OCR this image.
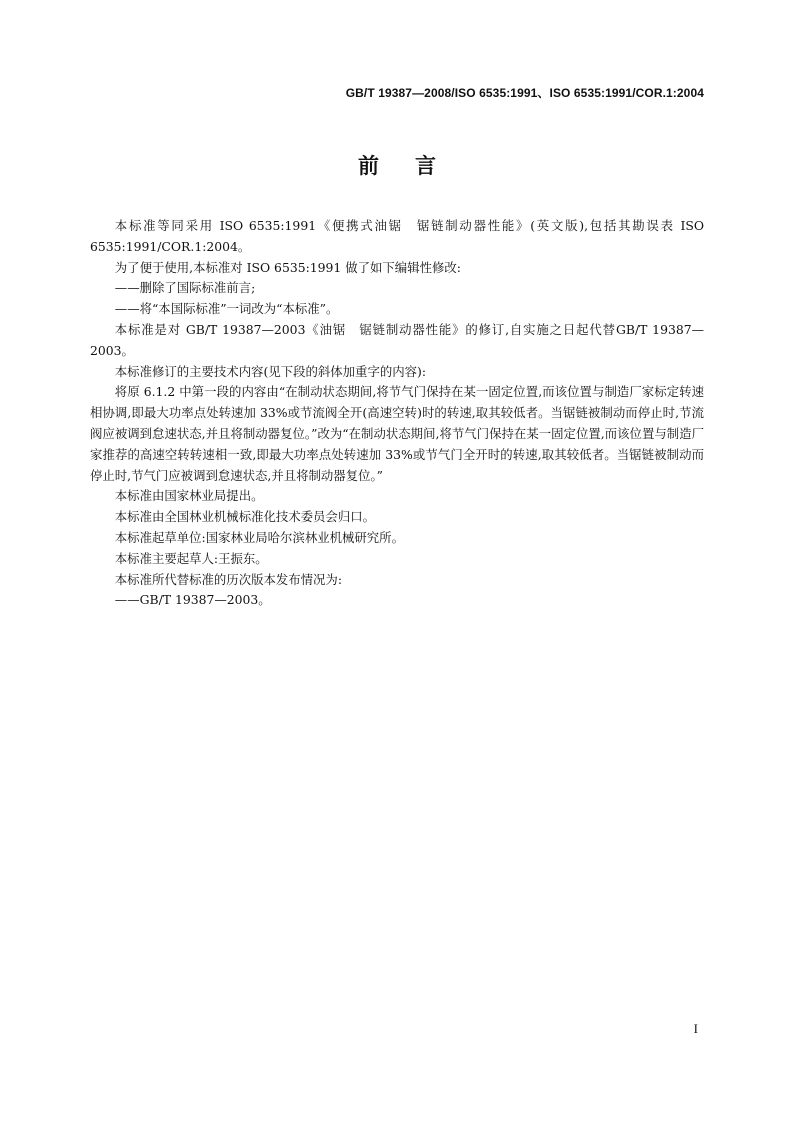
GB/T 19387—2008/ISO 6535:1991、ISO 6535:1991/COR.1:2004
前言

本标准等同采用 ISO 6535:1991《便携式油锯　锯链制动器性能》(英文版),包括其勘误表 ISO 6535:1991/COR.1:2004。

为了便于使用,本标准对 ISO 6535:1991 做了如下编辑性修改:

——删除了国际标准前言;

——将“本国际标准”一词改为“本标准”。

本标准是对 GB/T 19387—2003《油锯　锯链制动器性能》的修订,自实施之日起代替GB/T 19387—2003。

本标准修订的主要技术内容(见下段的斜体加重字的内容):

将原 6.1.2 中第一段的内容由“在制动状态期间,将节气门保持在某一固定位置,而该位置与制造厂家标定转速相协调,即最大功率点处转速加 33%或节流阀全开(高速空转)时的转速,取其较低者。当锯链被制动而停止时,节流阀应被调到怠速状态,并且将制动器复位。”改为“在制动状态期间,将节气门保持在某一固定位置,而该位置与制造厂家推荐的高速空转转速相一致,即最大功率点处转速加 33%或节气门全开时的转速,取其较低者。当锯链被制动而停止时,节气门应被调到怠速状态,并且将制动器复位。”

本标准由国家林业局提出。

本标准由全国林业机械标准化技术委员会归口。

本标准起草单位:国家林业局哈尔滨林业机械研究所。

本标准主要起草人:王振东。

本标准所代替标准的历次版本发布情况为:

——GB/T 19387—2003。

I
